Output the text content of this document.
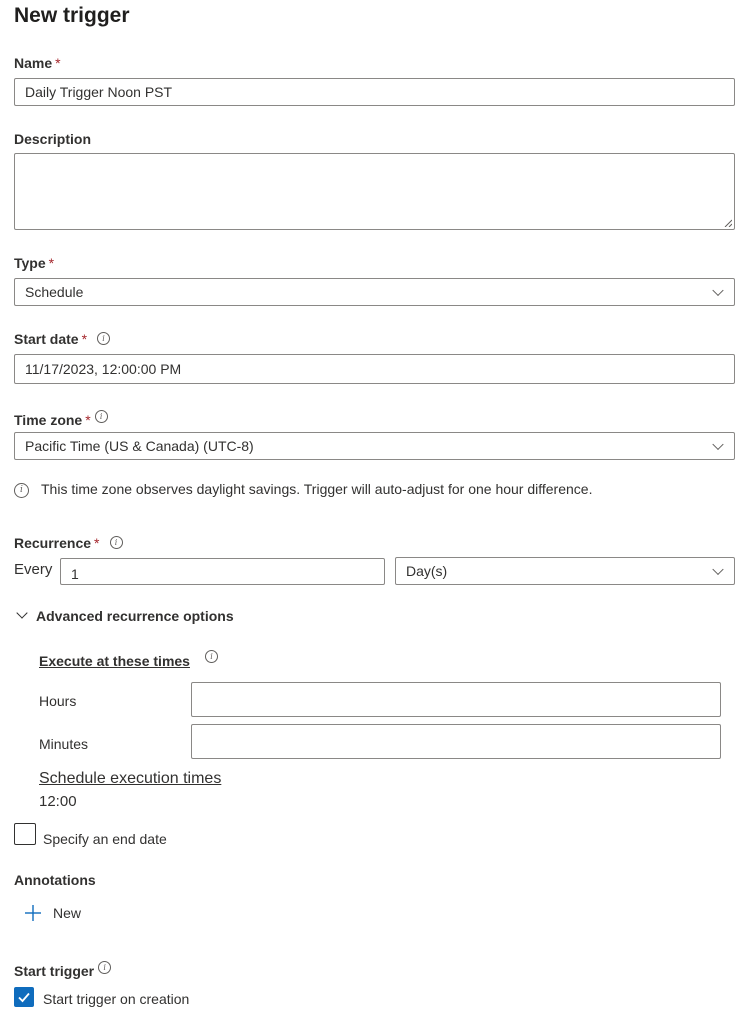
New trigger
Name *
Daily Trigger Noon PST
Description
Type *
Schedule
Start date * i
11/17/2023, 12:00:00 PM
Time zone * i
Pacific Time (US & Canada) (UTC-8)
i This time zone observes daylight savings. Trigger will auto-adjust for one hour difference.
Recurrence * i
Every
1	Day(s)
Advanced recurrence options
Execute at these times	i
Hours
Minutes
Schedule execution times
12:00
Specify an end date
Annotations
New
Start trigger i
Start trigger on creation
